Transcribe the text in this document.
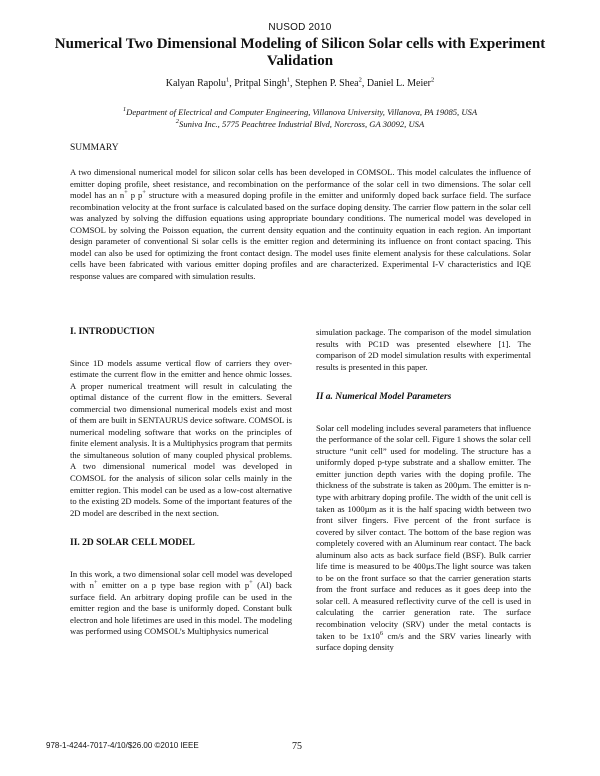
NUSOD 2010
Numerical Two Dimensional Modeling of Silicon Solar cells with Experiment Validation
Kalyan Rapolu$^1$, Pritpal Singh$^1$, Stephen P. Shea$^2$, Daniel L. Meier$^2$
$^1$Department of Electrical and Computer Engineering, Villanova University, Villanova, PA 19085, USA
$^2$Suniva Inc., 5775 Peachtree Industrial Blvd, Norcross, GA 30092, USA
SUMMARY
A two dimensional numerical model for silicon solar cells has been developed in COMSOL. This model calculates the influence of emitter doping profile, sheet resistance, and recombination on the performance of the solar cell in two dimensions. The solar cell model has an n+ p p+ structure with a measured doping profile in the emitter and uniformly doped back surface field. The surface recombination velocity at the front surface is calculated based on the surface doping density. The carrier flow pattern in the solar cell was analyzed by solving the diffusion equations using appropriate boundary conditions. The numerical model was developed in COMSOL by solving the Poisson equation, the current density equation and the continuity equation in each region. An important design parameter of conventional Si solar cells is the emitter region and determining its influence on front contact spacing. This model can also be used for optimizing the front contact design. The model uses finite element analysis for these calculations. Solar cells have been fabricated with various emitter doping profiles and are characterized. Experimental I-V characteristics and IQE response values are compared with simulation results.
I. INTRODUCTION

Since 1D models assume vertical flow of carriers they over-estimate the current flow in the emitter and hence ohmic losses. A proper numerical treatment will result in calculating the optimal distance of the current flow in the emitters. Several commercial two dimensional numerical models exist and most of them are built in SENTAURUS device software. COMSOL is numerical modeling software that works on the principles of finite element analysis. It is a Multiphysics program that permits the simultaneous solution of many coupled physical problems. A two dimensional numerical model was developed in COMSOL for the analysis of silicon solar cells mainly in the emitter region. This model can be used as a low-cost alternative to the existing 2D models. Some of the important features of the 2D model are described in the next section.

II. 2D SOLAR CELL MODEL

In this work, a two dimensional solar cell model was developed with n+ emitter on a p type base region with p+ (Al) back surface field. An arbitrary doping profile can be used in the emitter region and the base is uniformly doped. Constant bulk electron and hole lifetimes are used in this model. The modeling was performed using COMSOL’s Multiphysics numerical

simulation package. The comparison of the model simulation results with PC1D was presented elsewhere [1]. The comparison of 2D model simulation results with experimental results is presented in this paper.

II a. Numerical Model Parameters

Solar cell modeling includes several parameters that influence the performance of the solar cell. Figure 1 shows the solar cell structure “unit cell” used for modeling. The structure has a uniformly doped p-type substrate and a shallow emitter. The emitter junction depth varies with the doping profile. The thickness of the substrate is taken as 200µm. The emitter is n-type with arbitrary doping profile. The width of the unit cell is taken as 1000µm as it is the half spacing width between two front silver fingers. Five percent of the front surface is covered by silver contact. The bottom of the base region was completely covered with an Aluminum rear contact. The back aluminum also acts as back surface field (BSF). Bulk carrier life time is measured to be 400µs.The light source was taken to be on the front surface so that the carrier generation starts from the front surface and reduces as it goes deep into the solar cell. A measured reflectivity curve of the cell is used in calculating the carrier generation rate. The surface recombination velocity (SRV) under the metal contacts is taken to be $1x10^6$ cm/s and the SRV varies linearly with surface doping density

978-1-4244-7017-4/10/$26.00 ©2010 IEEE	75
